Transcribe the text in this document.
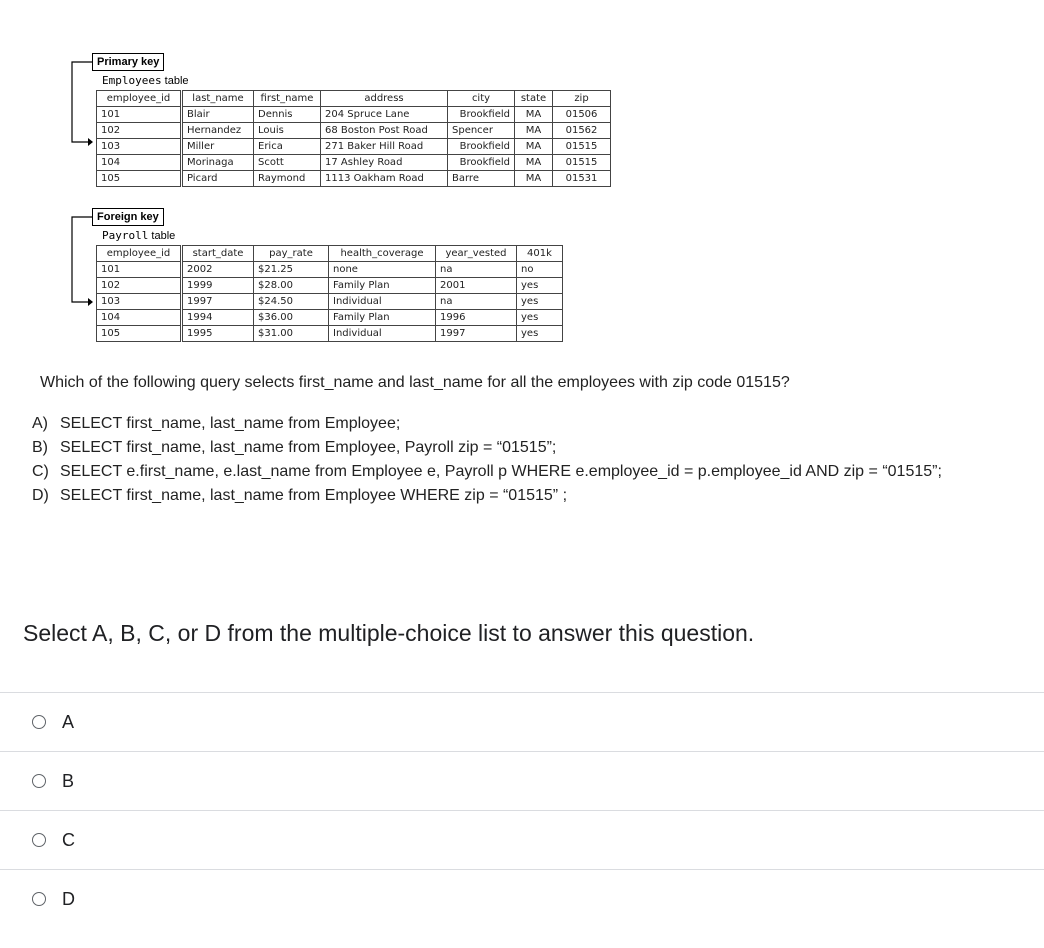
Primary key
Employees table
employee_id	last_name	first_name	address	city	state	zip
101	Blair	Dennis	204 Spruce Lane	Brookfield	MA	01506
102	Hernandez	Louis	68 Boston Post Road	Spencer	MA	01562
103	Miller	Erica	271 Baker Hill Road	Brookfield	MA	01515
104	Morinaga	Scott	17 Ashley Road	Brookfield	MA	01515
105	Picard	Raymond	1113 Oakham Road	Barre	MA	01531
Foreign key
Payroll table
employee_id	start_date	pay_rate	health_coverage	year_vested	401k
101	2002	$21.25	none	na	no
102	1999	$28.00	Family Plan	2001	yes
103	1997	$24.50	Individual	na	yes
104	1994	$36.00	Family Plan	1996	yes
105	1995	$31.00	Individual	1997	yes
Which of the following query selects first_name and last_name for all the employees with zip code 01515?
A) SELECT first_name, last_name from Employee;
B) SELECT first_name, last_name from Employee, Payroll zip = “01515”;
C) SELECT e.first_name, e.last_name from Employee e, Payroll p WHERE e.employee_id = p.employee_id AND zip = “01515”;
D) SELECT first_name, last_name from Employee WHERE zip = “01515” ;
Select A, B, C, or D from the multiple-choice list to answer this question.
A
B
C
D
